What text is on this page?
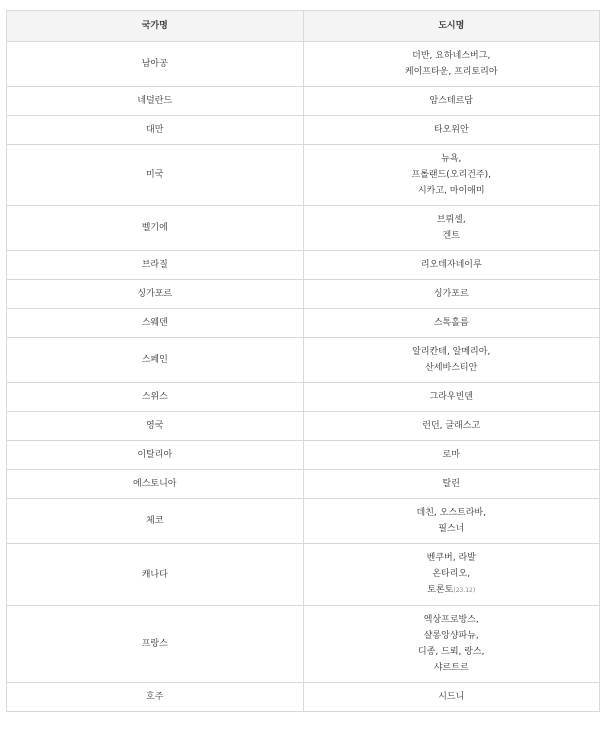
국가명	도시명
남아공	더반, 요하네스버그,
케이프타운, 프리토리아

네덜란드	암스테르담

대만	타오위안

미국	뉴욕,
프롤랜드(오리건주),
시카고, 마이애미

벨기에	브뤼셀,
겐트

브라질	리오데자네이루

싱가포르	싱가포르

스웨덴	스톡홀름

스페인	알리칸테, 알메리아,
산세바스티안

스위스	그라우빈덴

영국	런던, 글래스고

이탈리아	로마

에스토니아	탈린

체코	데친, 오스트라바,
필스너

캐나다	벤쿠버, 라발
온타리오,
토론토(23.12)

프랑스	엑상프로방스,
샬롱앙샹파뉴,
디종, 드뢰, 랑스,
샤르트르

호주	시드니
